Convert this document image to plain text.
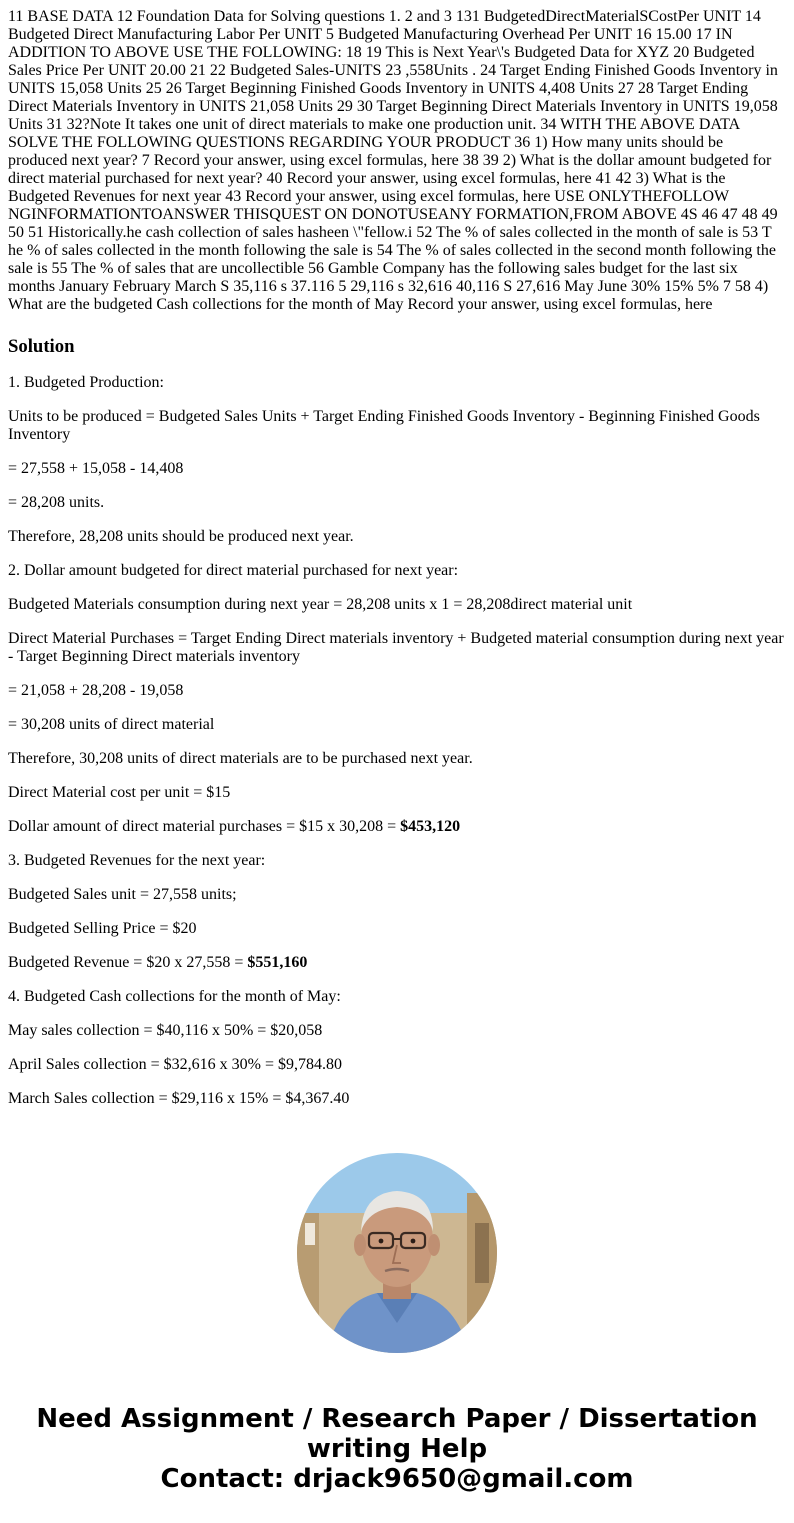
11 BASE DATA 12 Foundation Data for Solving questions 1. 2 and 3 131 BudgetedDirectMaterialSCostPer UNIT 14 Budgeted Direct Manufacturing Labor Per UNIT 5 Budgeted Manufacturing Overhead Per UNIT 16 15.00 17 IN ADDITION TO ABOVE USE THE FOLLOWING: 18 19 This is Next Year\'s Budgeted Data for XYZ 20 Budgeted Sales Price Per UNIT 20.00 21 22 Budgeted Sales-UNITS 23 ,558Units . 24 Target Ending Finished Goods Inventory in UNITS 15,058 Units 25 26 Target Beginning Finished Goods Inventory in UNITS 4,408 Units 27 28 Target Ending Direct Materials Inventory in UNITS 21,058 Units 29 30 Target Beginning Direct Materials Inventory in UNITS 19,058 Units 31 32?Note It takes one unit of direct materials to make one production unit. 34 WITH THE ABOVE DATA SOLVE THE FOLLOWING QUESTIONS REGARDING YOUR PRODUCT 36 1) How many units should be produced next year? 7 Record your answer, using excel formulas, here 38 39 2) What is the dollar amount budgeted for direct material purchased for next year? 40 Record your answer, using excel formulas, here 41 42 3) What is the Budgeted Revenues for next year 43 Record your answer, using excel formulas, here USE ONLYTHEFOLLOW NGINFORMATIONTOANSWER THISQUEST ON DONOTUSEANY FORMATION,FROM ABOVE 4S 46 47 48 49 50 51 Historically.he cash collection of sales hasheen \"fellow.i 52 The % of sales collected in the month of sale is 53 T he % of sales collected in the month following the sale is 54 The % of sales collected in the second month following the sale is 55 The % of sales that are uncollectible 56 Gamble Company has the following sales budget for the last six months January February March S 35,116 s 37.116 5 29,116 s 32,616 40,116 S 27,616 May June 30% 15% 5% 7 58 4) What are the budgeted Cash collections for the month of May Record your answer, using excel formulas, here
Solution

1. Budgeted Production:

Units to be produced = Budgeted Sales Units + Target Ending Finished Goods Inventory - Beginning Finished Goods Inventory

= 27,558 + 15,058 - 14,408

= 28,208 units.

Therefore, 28,208 units should be produced next year.

2. Dollar amount budgeted for direct material purchased for next year:

Budgeted Materials consumption during next year = 28,208 units x 1 = 28,208direct material unit

Direct Material Purchases = Target Ending Direct materials inventory + Budgeted material consumption during next year - Target Beginning Direct materials inventory

= 21,058 + 28,208 - 19,058

= 30,208 units of direct material

Therefore, 30,208 units of direct materials are to be purchased next year.

Direct Material cost per unit = $15

Dollar amount of direct material purchases = $15 x 30,208 = $453,120

3. Budgeted Revenues for the next year:

Budgeted Sales unit = 27,558 units;

Budgeted Selling Price = $20

Budgeted Revenue = $20 x 27,558 = $551,160

4. Budgeted Cash collections for the month of May:

May sales collection = $40,116 x 50% = $20,058

April Sales collection = $32,616 x 30% = $9,784.80

March Sales collection = $29,116 x 15% = $4,367.40

Need Assignment / Research Paper / Dissertation
writing Help
Contact: drjack9650@gmail.com
